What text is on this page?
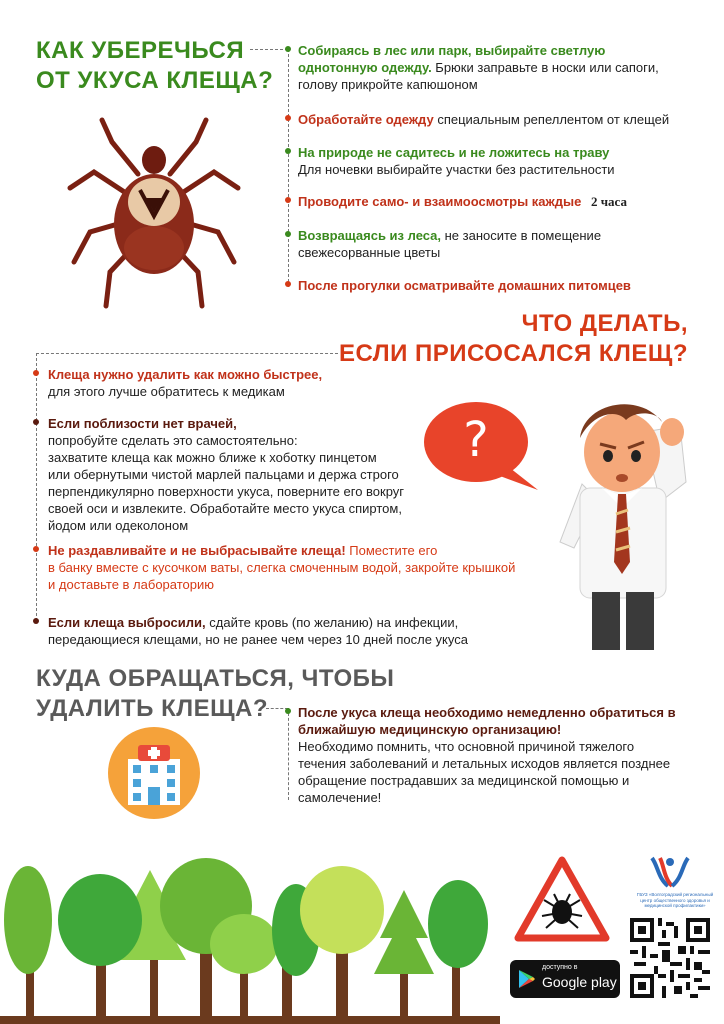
КАК УБЕРЕЧЬСЯ
ОТ УКУСА КЛЕЩА?
Собираясь в лес или парк, выбирайте светлую
однотонную одежду. Брюки заправьте в носки или сапоги,
голову прикройте капюшоном
Обработайте одежду специальным репеллентом от клещей
На природе не садитесь и не ложитесь на траву
Для ночевки выбирайте участки без растительности
Проводите само- и взаимоосмотры каждые 2 часа
Возвращаясь из леса, не заносите в помещение
свежесорванные цветы
После прогулки осматривайте домашних питомцев
ЧТО ДЕЛАТЬ,
ЕСЛИ ПРИСОСАЛСЯ КЛЕЩ?
Клеща нужно удалить как можно быстрее,
для этого лучше обратитесь к медикам
Если поблизости нет врачей,
попробуйте сделать это самостоятельно:
захватите клеща как можно ближе к хоботку пинцетом
или обернутыми чистой марлей пальцами и держа строго
перпендикулярно поверхности укуса, поверните его вокруг
своей оси и извлеките. Обработайте место укуса спиртом,
йодом или одеколоном
Не раздавливайте и не выбрасывайте клеща! Поместите его
в банку вместе с кусочком ваты, слегка смоченным водой, закройте крышкой
и доставьте в лабораторию
Если клеща выбросили, сдайте кровь (по желанию) на инфекции,
передающиеся клещами, но не ранее чем через 10 дней после укуса
?
КУДА ОБРАЩАТЬСЯ, ЧТОБЫ
УДАЛИТЬ КЛЕЩА?	После укуса клеща необходимо немедленно обратиться в
ближайшую медицинскую организацию!
Необходимо помнить, что основной причиной тяжелого
течения заболеваний и летальных исходов является позднее
обращение пострадавших за медицинской помощью и
самолечение!
доступно в
Google play
ГБУЗ «Волгоградский региональный центр общественного здоровья и медицинской профилактики»
